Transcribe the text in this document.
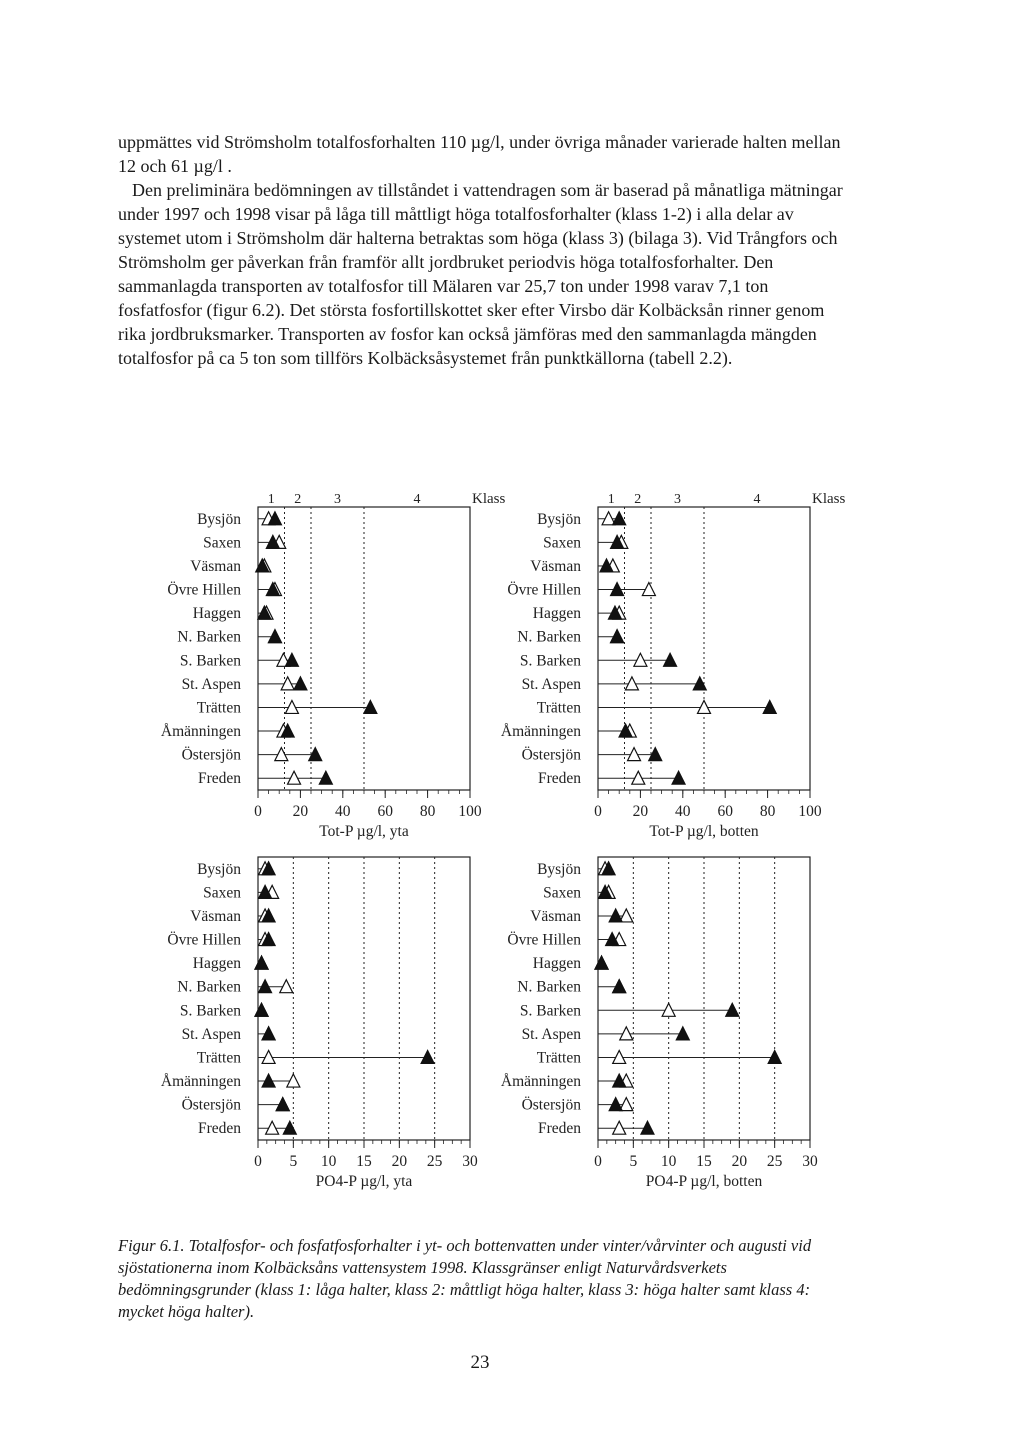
uppmättes vid Strömsholm totalfosforhalten 110 µg/l, under övriga månader varierade halten mellan 12 och 61 µg/l .

Den preliminära bedömningen av tillståndet i vattendragen som är baserad på månatliga mätningar under 1997 och 1998 visar på låga till måttligt höga totalfosforhalter (klass 1-2) i alla delar av systemet utom i Strömsholm där halterna betraktas som höga (klass 3) (bilaga 3). Vid Trångfors och Strömsholm ger påverkan från framför allt jordbruket periodvis höga totalfosforhalter. Den sammanlagda transporten av totalfosfor till Mälaren var 25,7 ton under 1998 varav 7,1 ton fosfatfosfor (figur 6.2). Det största fosfortillskottet sker efter Virsbo där Kolbäcksån rinner genom rika jordbruksmarker. Transporten av fosfor kan också jämföras med den sammanlagda mängden totalfosfor på ca 5 ton som tillförs Kolbäcksåsystemet från punktkällorna (tabell 2.2).

1 2 3	4	Klass
Bysjön
Saxen
Väsman
Övre Hillen
Haggen
N. Barken
S. Barken
St. Aspen
Trätten
Åmänningen
Östersjön
Freden
0 20 40 60 80 100
Tot-P µg/l, yta
1 2 3	4	Klass
Bysjön
Saxen
Väsman
Övre Hillen
Haggen
N. Barken
S. Barken
St. Aspen
Trätten
Åmänningen
Östersjön
Freden
0 20 40 60 80 100
Tot-P µg/l, botten
Bysjön
Saxen
Väsman
Övre Hillen
Haggen
N. Barken
S. Barken
St. Aspen
Trätten
Åmänningen
Östersjön
Freden
0 5 10 15 20 25 30
PO4-P µg/l, yta
Bysjön
Saxen
Väsman
Övre Hillen
Haggen
N. Barken
S. Barken
St. Aspen
Trätten
Åmänningen
Östersjön
Freden
0 5 10 15 20 25 30
PO4-P µg/l, botten

Figur 6.1. Totalfosfor- och fosfatfosforhalter i yt- och bottenvatten under vinter/vårvinter och augusti vid sjöstationerna inom Kolbäcksåns vattensystem 1998. Klassgränser enligt Naturvårdsverkets bedömningsgrunder (klass 1: låga halter, klass 2: måttligt höga halter, klass 3: höga halter samt klass 4: mycket höga halter).

23
